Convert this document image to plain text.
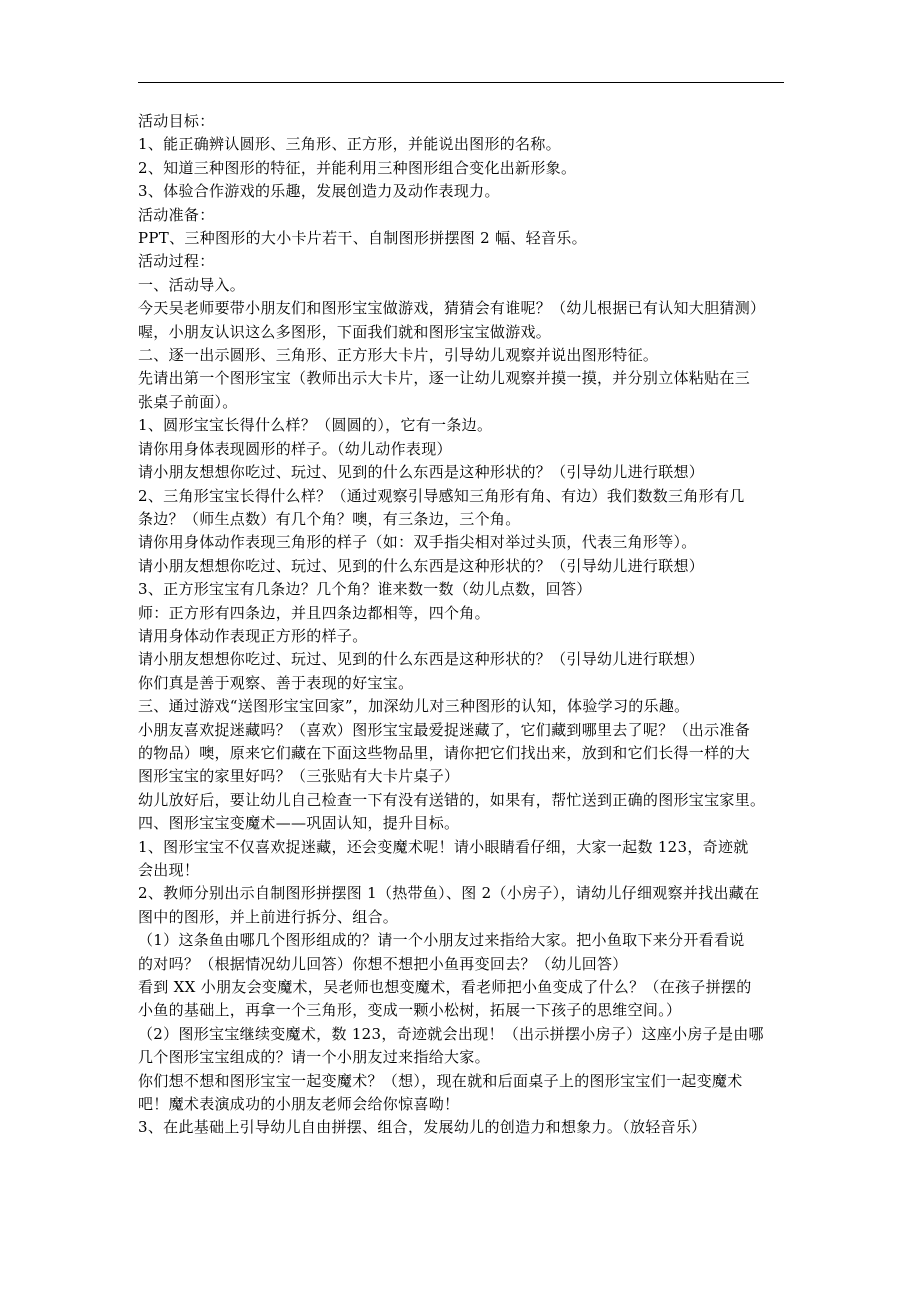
活动目标：

1、能正确辨认圆形、三角形、正方形，并能说出图形的名称。

2、知道三种图形的特征，并能利用三种图形组合变化出新形象。

3、体验合作游戏的乐趣，发展创造力及动作表现力。

活动准备：

PPT、三种图形的大小卡片若干、自制图形拼摆图 2 幅、轻音乐。

活动过程：

一、活动导入。

今天吴老师要带小朋友们和图形宝宝做游戏，猜猜会有谁呢？（幼儿根据已有认知大胆猜测）

喔，小朋友认识这么多图形，下面我们就和图形宝宝做游戏。

二、逐一出示圆形、三角形、正方形大卡片，引导幼儿观察并说出图形特征。

先请出第一个图形宝宝（教师出示大卡片，逐一让幼儿观察并摸一摸，并分别立体粘贴在三

张桌子前面）。

1、圆形宝宝长得什么样？（圆圆的），它有一条边。

请你用身体表现圆形的样子。（幼儿动作表现）

请小朋友想想你吃过、玩过、见到的什么东西是这种形状的？（引导幼儿进行联想）

2、三角形宝宝长得什么样？（通过观察引导感知三角形有角、有边）我们数数三角形有几

条边？（师生点数）有几个角？噢，有三条边，三个角。

请你用身体动作表现三角形的样子（如：双手指尖相对举过头顶，代表三角形等）。

请小朋友想想你吃过、玩过、见到的什么东西是这种形状的？（引导幼儿进行联想）

3、正方形宝宝有几条边？几个角？谁来数一数（幼儿点数，回答）

师：正方形有四条边，并且四条边都相等，四个角。

请用身体动作表现正方形的样子。

请小朋友想想你吃过、玩过、见到的什么东西是这种形状的？（引导幼儿进行联想）

你们真是善于观察、善于表现的好宝宝。

三、通过游戏“送图形宝宝回家”，加深幼儿对三种图形的认知，体验学习的乐趣。

小朋友喜欢捉迷藏吗？（喜欢）图形宝宝最爱捉迷藏了，它们藏到哪里去了呢？（出示准备

的物品）噢，原来它们藏在下面这些物品里，请你把它们找出来，放到和它们长得一样的大

图形宝宝的家里好吗？（三张贴有大卡片桌子）

幼儿放好后，要让幼儿自己检查一下有没有送错的，如果有，帮忙送到正确的图形宝宝家里。

四、图形宝宝变魔术——巩固认知，提升目标。

1、图形宝宝不仅喜欢捉迷藏，还会变魔术呢！请小眼睛看仔细，大家一起数 123，奇迹就

会出现！

2、教师分别出示自制图形拼摆图 1（热带鱼）、图 2（小房子），请幼儿仔细观察并找出藏在

图中的图形，并上前进行拆分、组合。

（1）这条鱼由哪几个图形组成的？请一个小朋友过来指给大家。把小鱼取下来分开看看说

的对吗？（根据情况幼儿回答）你想不想把小鱼再变回去？（幼儿回答）

看到 XX 小朋友会变魔术，吴老师也想变魔术，看老师把小鱼变成了什么？（在孩子拼摆的

小鱼的基础上，再拿一个三角形，变成一颗小松树，拓展一下孩子的思维空间。）

（2）图形宝宝继续变魔术，数 123，奇迹就会出现！（出示拼摆小房子）这座小房子是由哪

几个图形宝宝组成的？请一个小朋友过来指给大家。

你们想不想和图形宝宝一起变魔术？（想），现在就和后面桌子上的图形宝宝们一起变魔术

吧！魔术表演成功的小朋友老师会给你惊喜呦！

3、在此基础上引导幼儿自由拼摆、组合，发展幼儿的创造力和想象力。（放轻音乐）
